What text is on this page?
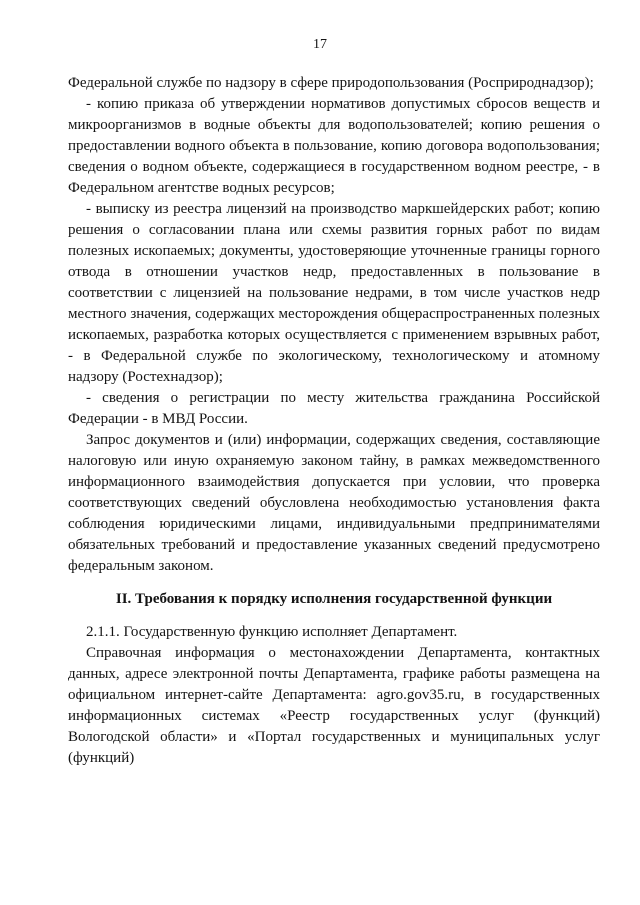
17

Федеральной службе по надзору в сфере природопользования (Росприроднадзор);

- копию приказа об утверждении нормативов допустимых сбросов веществ и микроорганизмов в водные объекты для водопользователей; копию решения о предоставлении водного объекта в пользование, копию договора водопользования; сведения о водном объекте, содержащиеся в государственном водном реестре, - в Федеральном агентстве водных ресурсов;

- выписку из реестра лицензий на производство маркшейдерских работ; копию решения о согласовании плана или схемы развития горных работ по видам полезных ископаемых; документы, удостоверяющие уточненные границы горного отвода в отношении участков недр, предоставленных в пользование в соответствии с лицензией на пользование недрами, в том числе участков недр местного значения, содержащих месторождения общераспространенных полезных ископаемых, разработка которых осуществляется с применением взрывных работ, - в Федеральной службе по экологическому, технологическому и атомному надзору (Ростехнадзор);

- сведения о регистрации по месту жительства гражданина Российской Федерации - в МВД России.

Запрос документов и (или) информации, содержащих сведения, составляющие налоговую или иную охраняемую законом тайну, в рамках межведомственного информационного взаимодействия допускается при условии, что проверка соответствующих сведений обусловлена необходимостью установления факта соблюдения юридическими лицами, индивидуальными предпринимателями обязательных требований и предоставление указанных сведений предусмотрено федеральным законом.

II. Требования к порядку исполнения государственной функции

2.1.1. Государственную функцию исполняет Департамент.

Справочная информация о местонахождении Департамента, контактных данных, адресе электронной почты Департамента, графике работы размещена на официальном интернет-сайте Департамента: agro.gov35.ru, в государственных информационных системах «Реестр государственных услуг (функций) Вологодской области» и «Портал государственных и муниципальных услуг (функций)
